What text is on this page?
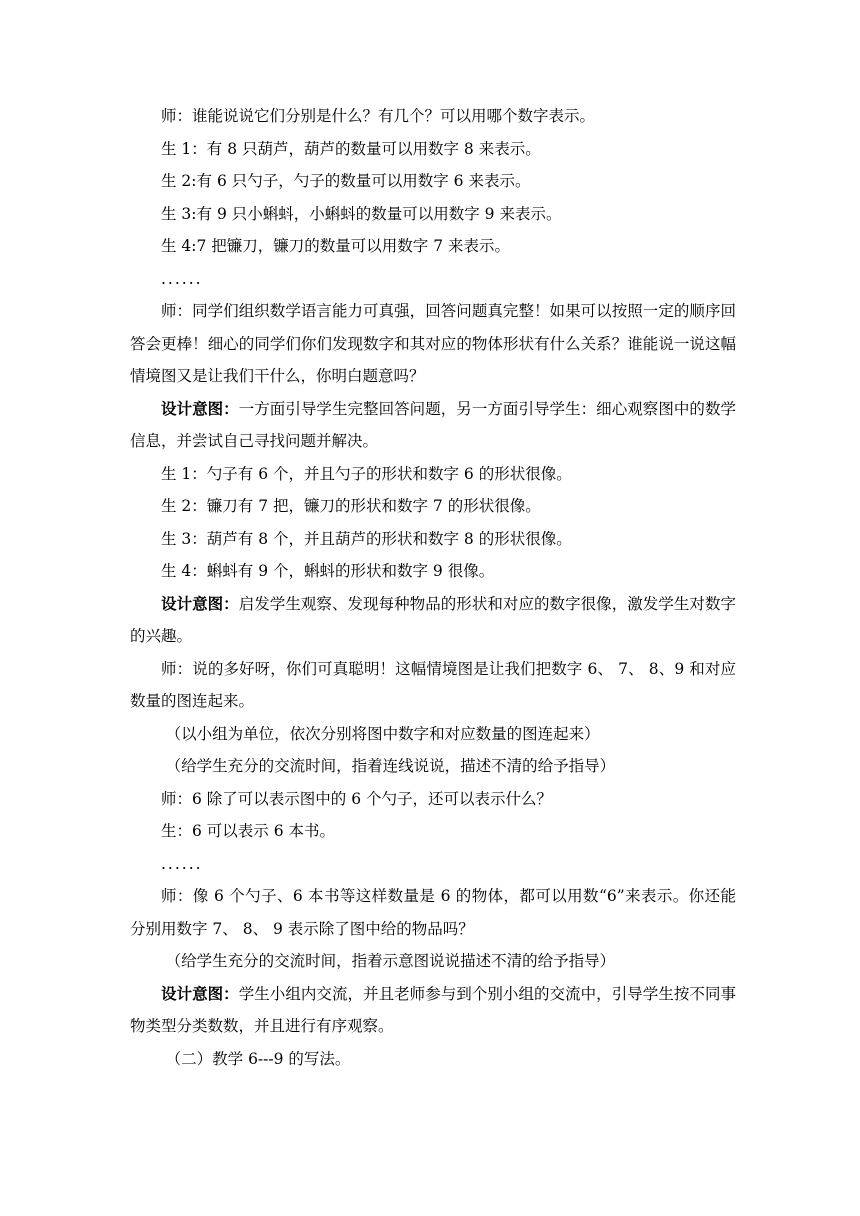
师：谁能说说它们分别是什么？有几个？可以用哪个数字表示。

生 1：有 8 只葫芦，葫芦的数量可以用数字 8 来表示。

生 2:有 6 只勺子，勺子的数量可以用数字 6 来表示。

生 3:有 9 只小蝌蚪，小蝌蚪的数量可以用数字 9 来表示。

生 4:7 把镰刀，镰刀的数量可以用数字 7 来表示。

......

师：同学们组织数学语言能力可真强，回答问题真完整！如果可以按照一定的顺序回答会更棒！细心的同学们你们发现数字和其对应的物体形状有什么关系？谁能说一说这幅情境图又是让我们干什么，你明白题意吗？

设计意图：一方面引导学生完整回答问题，另一方面引导学生：细心观察图中的数学信息，并尝试自己寻找问题并解决。

生 1：勺子有 6 个，并且勺子的形状和数字 6 的形状很像。

生 2：镰刀有 7 把，镰刀的形状和数字 7 的形状很像。

生 3：葫芦有 8 个，并且葫芦的形状和数字 8 的形状很像。

生 4：蝌蚪有 9 个，蝌蚪的形状和数字 9 很像。

设计意图：启发学生观察、发现每种物品的形状和对应的数字很像，激发学生对数字的兴趣。

师：说的多好呀，你们可真聪明！这幅情境图是让我们把数字 6、 7、 8、9 和对应数量的图连起来。

（以小组为单位，依次分别将图中数字和对应数量的图连起来）

（给学生充分的交流时间，指着连线说说，描述不清的给予指导）

师：6 除了可以表示图中的 6 个勺子，还可以表示什么？

生：6 可以表示 6 本书。

......

师：像 6 个勺子、6 本书等这样数量是 6 的物体，都可以用数“6”来表示。你还能分别用数字 7、 8、 9 表示除了图中给的物品吗？

（给学生充分的交流时间，指着示意图说说描述不清的给予指导）

设计意图：学生小组内交流，并且老师参与到个别小组的交流中，引导学生按不同事物类型分类数数，并且进行有序观察。

（二）教学 6---9 的写法。
